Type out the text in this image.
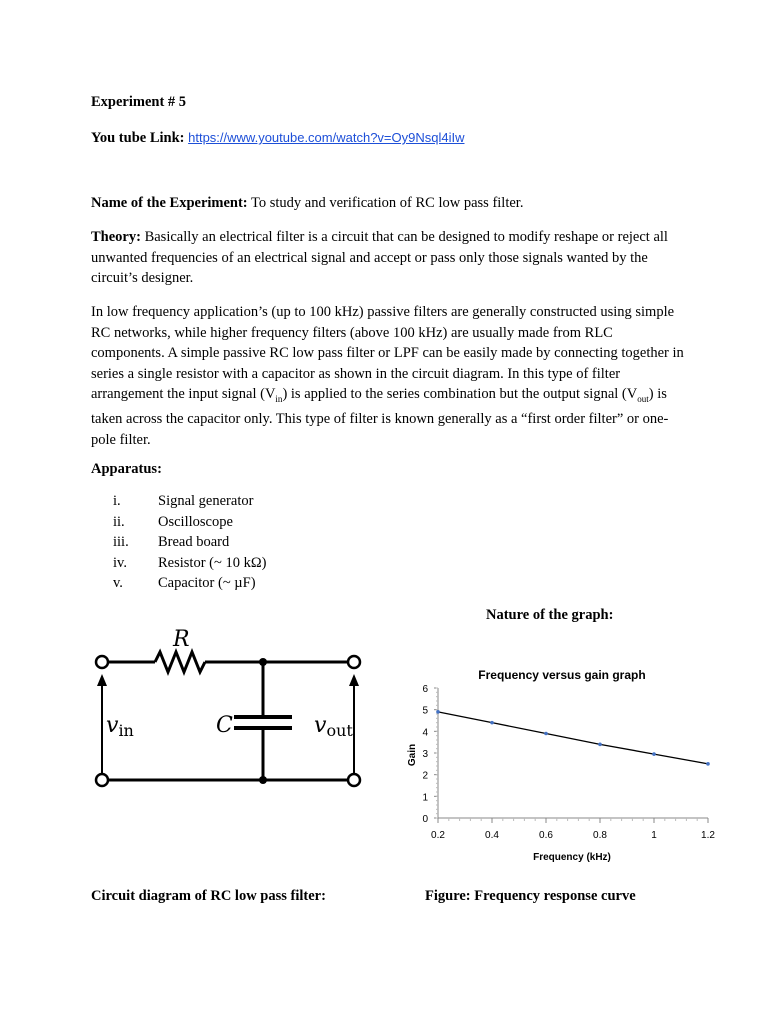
Experiment # 5
You tube Link: https://www.youtube.com/watch?v=Oy9Nsql4iIw
Name of the Experiment: To study and verification of RC low pass filter.
Theory: Basically an electrical filter is a circuit that can be designed to modify reshape or reject all unwanted frequencies of an electrical signal and accept or pass only those signals wanted by the circuit’s designer.
In low frequency application’s (up to 100 kHz) passive filters are generally constructed using simple RC networks, while higher frequency filters (above 100 kHz) are usually made from RLC components. A simple passive RC low pass filter or LPF can be easily made by connecting together in series a single resistor with a capacitor as shown in the circuit diagram. In this type of filter arrangement the input signal $(V_{in})$ is applied to the series combination but the output signal $(V_{out})$ is taken across the capacitor only. This type of filter is known generally as a “first order filter” or one-pole filter.
Apparatus:
i.	Signal generator
ii. Oscilloscope
iii. Bread board
iv. Resistor (~ 10 kΩ)
v. Capacitor (~ µF)
Nature of the graph:
R
C
vin	vout
Frequency versus gain graph
Gain
Frequency (kHz)
0
1
2
3
4
5
6
0.2	0.4	0.6	0.8	1	1.2
Circuit diagram of RC low pass filter:	Figure: Frequency response curve
